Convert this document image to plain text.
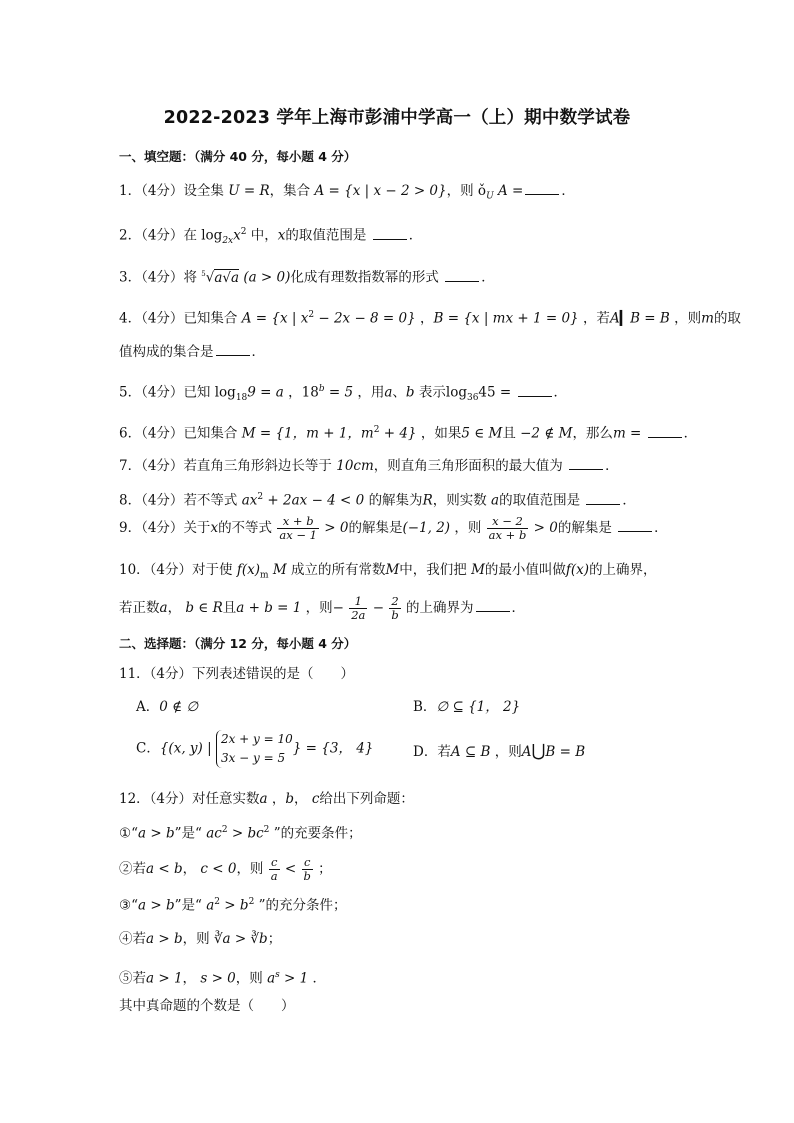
2022-2023 学年上海市彭浦中学高一（上）期中数学试卷
一、填空题：（满分 40 分，每小题 4 分）
1．（4分）设全集 U = R，集合 A = {x | x − 2 > 0}，则 $ǒ_U$ A =	．
2．（4分）在 $\log_{2x}x^2$ 中，x的取值范围是	．
3．（4分）将 $^5$√a√a (a > 0)化成有理数指数幂的形式	．
4．（4分）已知集合 A = {x | $x^2 - 2x - 8 = 0$} ，B = {x | mx + 1 = 0} ，若A▎B = B ，则m的取
值构成的集合是	．
5．（4分）已知 $\log_{18}9 = a$ ，$18^b = 5$ ，用a、b 表示$\log_{36}45$ =	．
6．（4分）已知集合 M = {1，m + 1，$m^2 + 4$} ，如果5 ∈ M且 −2 ∉ M，那么m =	．
7．（4分）若直角三角形斜边长等于 10cm，则直角三角形面积的最大值为	．
8．（4分）若不等式 $ax^2 + 2ax - 4 < 0$ 的解集为R，则实数 a的取值范围是	．
9．（4分）关于x的不等式 $\frac{x + b}{ax - 1} > 0$的解集是(−1, 2) ，则 $\frac{x - 2}{ax + b} > 0$的解集是	．
10．（4分）对于使 $f(x)_m$ M 成立的所有常数M中，我们把 M的最小值叫做f(x)的上确界，
若正数a， b ∈ R且a + b = 1 ，则− $\frac{1}{2a} - \frac{2}{b}$ 的上确界为	．
二、选择题：（满分 12 分，每小题 4 分）
11．（4分）下列表述错误的是（　　）
A．0 ∉ ∅	B．∅ ⊆ {1， 2}
C．{(x, y) |
2x + y = 10
3x − y = 5
} = {3， 4}	D．若A ⊆ B ，则A⋃B = B
12．（4分）对任意实数a ，b， c给出下列命题：
①“a > b”是“ $ac^2 > bc^2$ ”的充要条件；
②若a < b， c < 0，则 $\frac{c}{a} < \frac{c}{b}$ ；
③“a > b”是“ $a^2 > b^2$ ”的充分条件；
④若a > b，则 ∛a > ∛b；
⑤若a > 1， s > 0，则 $a^s > 1$ ．
其中真命题的个数是（　　）
